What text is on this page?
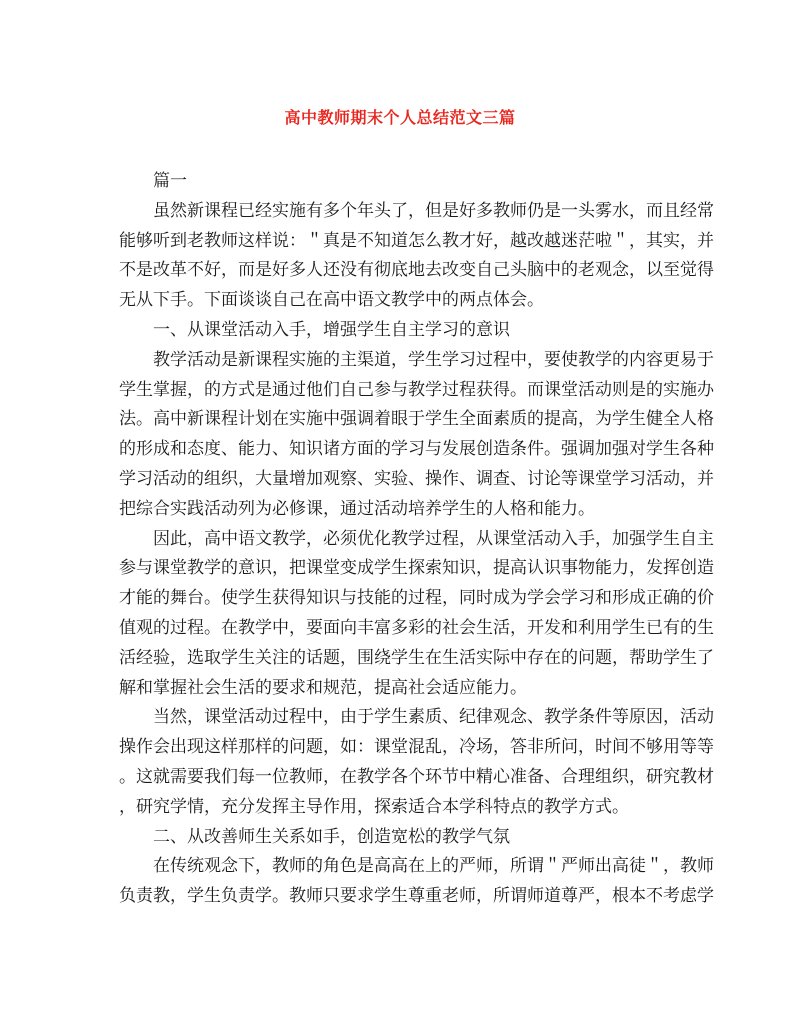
高中教师期末个人总结范文三篇
篇一
虽然新课程已经实施有多个年头了，但是好多教师仍是一头雾水，而且经常
能够听到老教师这样说：＂真是不知道怎么教才好，越改越迷茫啦＂，其实，并
不是改革不好，而是好多人还没有彻底地去改变自己头脑中的老观念，以至觉得
无从下手。下面谈谈自己在高中语文教学中的两点体会。
一、从课堂活动入手，增强学生自主学习的意识
教学活动是新课程实施的主渠道，学生学习过程中，要使教学的内容更易于
学生掌握，的方式是通过他们自己参与教学过程获得。而课堂活动则是的实施办
法。高中新课程计划在实施中强调着眼于学生全面素质的提高，为学生健全人格
的形成和态度、能力、知识诸方面的学习与发展创造条件。强调加强对学生各种
学习活动的组织，大量增加观察、实验、操作、调查、讨论等课堂学习活动，并
把综合实践活动列为必修课，通过活动培养学生的人格和能力。
因此，高中语文教学，必须优化教学过程，从课堂活动入手，加强学生自主
参与课堂教学的意识，把课堂变成学生探索知识，提高认识事物能力，发挥创造
才能的舞台。使学生获得知识与技能的过程，同时成为学会学习和形成正确的价
值观的过程。在教学中，要面向丰富多彩的社会生活，开发和利用学生已有的生
活经验，选取学生关注的话题，围绕学生在生活实际中存在的问题，帮助学生了
解和掌握社会生活的要求和规范，提高社会适应能力。
当然，课堂活动过程中，由于学生素质、纪律观念、教学条件等原因，活动
操作会出现这样那样的问题，如：课堂混乱，冷场，答非所问，时间不够用等等
。这就需要我们每一位教师，在教学各个环节中精心准备、合理组织，研究教材
，研究学情，充分发挥主导作用，探索适合本学科特点的教学方式。
二、从改善师生关系如手，创造宽松的教学气氛
在传统观念下，教师的角色是高高在上的严师，所谓＂严师出高徒＂，教师
负责教，学生负责学。教师只要求学生尊重老师，所谓师道尊严，根本不考虑学
